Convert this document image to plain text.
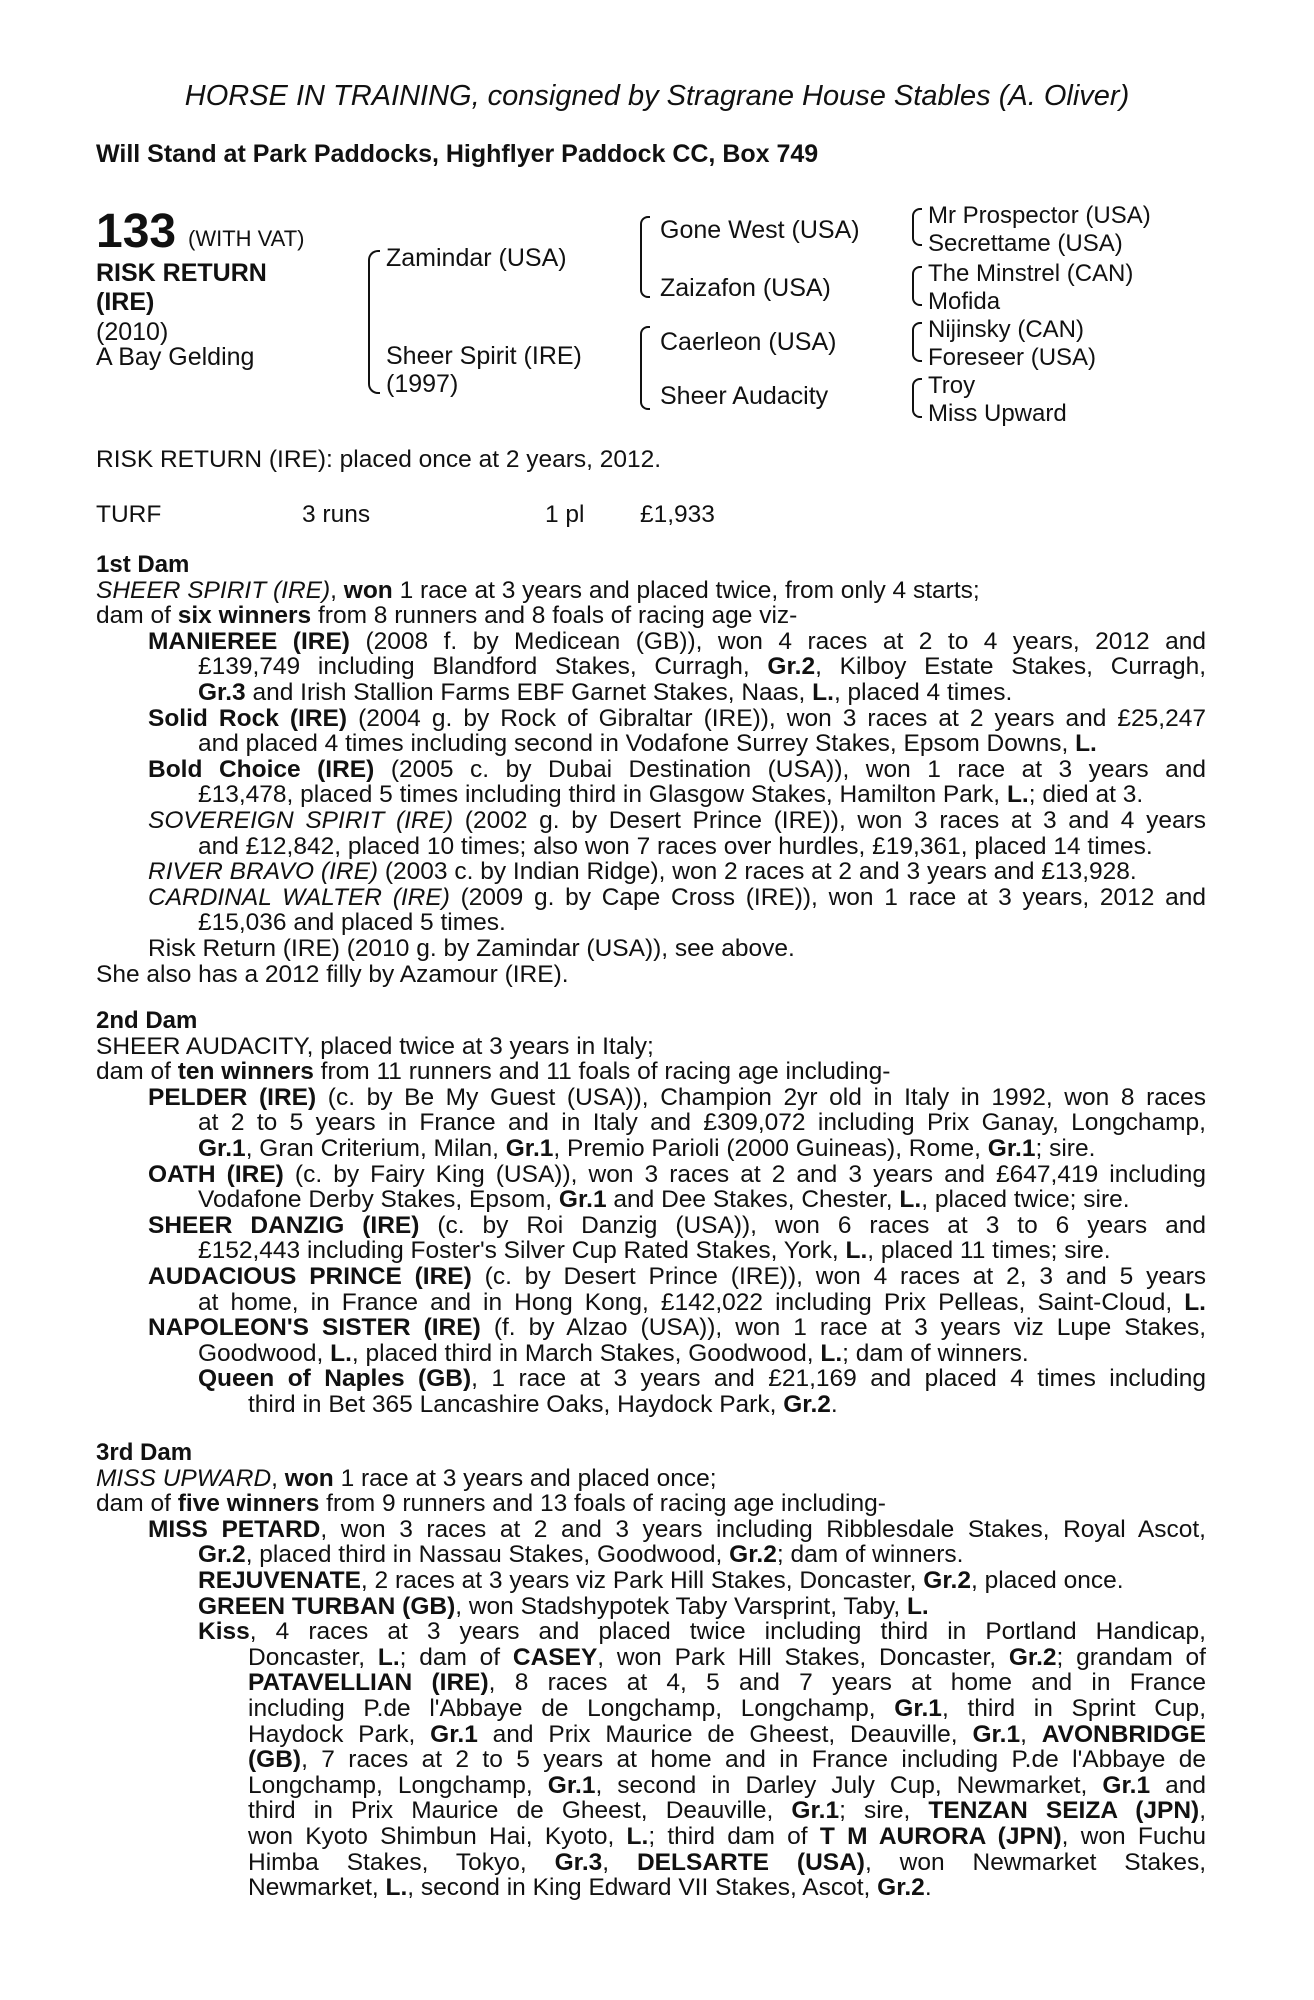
HORSE IN TRAINING, consigned by Stragrane House Stables (A. Oliver)
Will Stand at Park Paddocks, Highflyer Paddock CC, Box 749
133 (WITH VAT)
RISK RETURN
(IRE)
(2010)
A Bay Gelding
Zamindar (USA)
Sheer Spirit (IRE)
(1997)
Gone West (USA)
Zaizafon (USA)
Caerleon (USA)
Sheer Audacity
Mr Prospector (USA)
Secrettame (USA)
The Minstrel (CAN)
Mofida
Nijinsky (CAN)
Foreseer (USA)
Troy
Miss Upward
RISK RETURN (IRE): placed once at 2 years, 2012.
TURF	3 runs	1 pl £1,933
1st Dam
SHEER SPIRIT (IRE), won 1 race at 3 years and placed twice, from only 4 starts;
dam of six winners from 8 runners and 8 foals of racing age viz-
MANIEREE (IRE) (2008 f. by Medicean (GB)), won 4 races at 2 to 4 years, 2012 and
£139,749 including Blandford Stakes, Curragh, Gr.2, Kilboy Estate Stakes, Curragh,
Gr.3 and Irish Stallion Farms EBF Garnet Stakes, Naas, L., placed 4 times.
Solid Rock (IRE) (2004 g. by Rock of Gibraltar (IRE)), won 3 races at 2 years and £25,247
and placed 4 times including second in Vodafone Surrey Stakes, Epsom Downs, L.
Bold Choice (IRE) (2005 c. by Dubai Destination (USA)), won 1 race at 3 years and
£13,478, placed 5 times including third in Glasgow Stakes, Hamilton Park, L.; died at 3.
SOVEREIGN SPIRIT (IRE) (2002 g. by Desert Prince (IRE)), won 3 races at 3 and 4 years
and £12,842, placed 10 times; also won 7 races over hurdles, £19,361, placed 14 times.
RIVER BRAVO (IRE) (2003 c. by Indian Ridge), won 2 races at 2 and 3 years and £13,928.
CARDINAL WALTER (IRE) (2009 g. by Cape Cross (IRE)), won 1 race at 3 years, 2012 and
£15,036 and placed 5 times.
Risk Return (IRE) (2010 g. by Zamindar (USA)), see above.
She also has a 2012 filly by Azamour (IRE).
2nd Dam
SHEER AUDACITY, placed twice at 3 years in Italy;
dam of ten winners from 11 runners and 11 foals of racing age including-
PELDER (IRE) (c. by Be My Guest (USA)), Champion 2yr old in Italy in 1992, won 8 races
at 2 to 5 years in France and in Italy and £309,072 including Prix Ganay, Longchamp,
Gr.1, Gran Criterium, Milan, Gr.1, Premio Parioli (2000 Guineas), Rome, Gr.1; sire.
OATH (IRE) (c. by Fairy King (USA)), won 3 races at 2 and 3 years and £647,419 including
Vodafone Derby Stakes, Epsom, Gr.1 and Dee Stakes, Chester, L., placed twice; sire.
SHEER DANZIG (IRE) (c. by Roi Danzig (USA)), won 6 races at 3 to 6 years and
£152,443 including Foster's Silver Cup Rated Stakes, York, L., placed 11 times; sire.
AUDACIOUS PRINCE (IRE) (c. by Desert Prince (IRE)), won 4 races at 2, 3 and 5 years
at home, in France and in Hong Kong, £142,022 including Prix Pelleas, Saint-Cloud, L.
NAPOLEON'S SISTER (IRE) (f. by Alzao (USA)), won 1 race at 3 years viz Lupe Stakes,
Goodwood, L., placed third in March Stakes, Goodwood, L.; dam of winners.
Queen of Naples (GB), 1 race at 3 years and £21,169 and placed 4 times including
third in Bet 365 Lancashire Oaks, Haydock Park, Gr.2.
3rd Dam
MISS UPWARD, won 1 race at 3 years and placed once;
dam of five winners from 9 runners and 13 foals of racing age including-
MISS PETARD, won 3 races at 2 and 3 years including Ribblesdale Stakes, Royal Ascot,
Gr.2, placed third in Nassau Stakes, Goodwood, Gr.2; dam of winners.
REJUVENATE, 2 races at 3 years viz Park Hill Stakes, Doncaster, Gr.2, placed once.
GREEN TURBAN (GB), won Stadshypotek Taby Varsprint, Taby, L.
Kiss, 4 races at 3 years and placed twice including third in Portland Handicap,
Doncaster, L.; dam of CASEY, won Park Hill Stakes, Doncaster, Gr.2; grandam of
PATAVELLIAN (IRE), 8 races at 4, 5 and 7 years at home and in France
including P.de l'Abbaye de Longchamp, Longchamp, Gr.1, third in Sprint Cup,
Haydock Park, Gr.1 and Prix Maurice de Gheest, Deauville, Gr.1, AVONBRIDGE
(GB), 7 races at 2 to 5 years at home and in France including P.de l'Abbaye de
Longchamp, Longchamp, Gr.1, second in Darley July Cup, Newmarket, Gr.1 and
third in Prix Maurice de Gheest, Deauville, Gr.1; sire, TENZAN SEIZA (JPN),
won Kyoto Shimbun Hai, Kyoto, L.; third dam of T M AURORA (JPN), won Fuchu
Himba Stakes, Tokyo, Gr.3, DELSARTE (USA), won Newmarket Stakes,
Newmarket, L., second in King Edward VII Stakes, Ascot, Gr.2.
